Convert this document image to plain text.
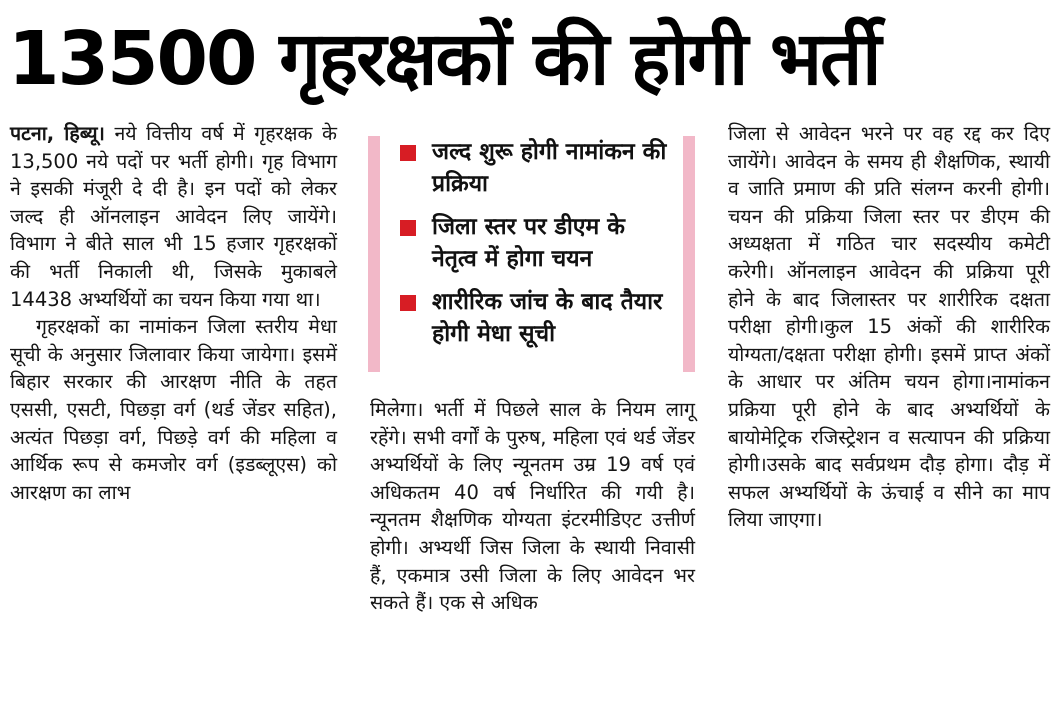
13500 गृहरक्षकों की होगी भर्ती

पटना, हिब्यू। नये वित्तीय वर्ष में गृहरक्षक के 13,500 नये पदों पर भर्ती होगी। गृह विभाग ने इसकी मंजूरी दे दी है। इन पदों को लेकर जल्द ही ऑनलाइन आवेदन लिए जायेंगे। विभाग ने बीते साल भी 15 हजार गृहरक्षकों की भर्ती निकाली थी, जिसके मुकाबले 14438 अभ्यर्थियों का चयन किया गया था।

गृहरक्षकों का नामांकन जिला स्तरीय मेधा सूची के अनुसार जिलावार किया जायेगा। इसमें बिहार सरकार की आरक्षण नीति के तहत एससी, एसटी, पिछड़ा वर्ग (थर्ड जेंडर सहित), अत्यंत पिछड़ा वर्ग, पिछड़े वर्ग की महिला व आर्थिक रूप से कमजोर वर्ग (इडब्लूएस) को आरक्षण का लाभ

जल्द शुरू होगी नामांकन की प्रक्रिया
जिला स्तर पर डीएम के नेतृत्व में होगा चयन
शारीरिक जांच के बाद तैयार होगी मेधा सूची

मिलेगा। भर्ती में पिछले साल के नियम लागू रहेंगे। सभी वर्गों के पुरुष, महिला एवं थर्ड जेंडर अभ्यर्थियों के लिए न्यूनतम उम्र 19 वर्ष एवं अधिकतम 40 वर्ष निर्धारित की गयी है। न्यूनतम शैक्षणिक योग्यता इंटरमीडिएट उत्तीर्ण होगी। अभ्यर्थी जिस जिला के स्थायी निवासी हैं, एकमात्र उसी जिला के लिए आवेदन भर सकते हैं। एक से अधिक

जिला से आवेदन भरने पर वह रद्द कर दिए जायेंगे। आवेदन के समय ही शैक्षणिक, स्थायी व जाति प्रमाण की प्रति संलग्न करनी होगी। चयन की प्रक्रिया जिला स्तर पर डीएम की अध्यक्षता में गठित चार सदस्यीय कमेटी करेगी। ऑनलाइन आवेदन की प्रक्रिया पूरी होने के बाद जिलास्तर पर शारीरिक दक्षता परीक्षा होगी।कुल 15 अंकों की शारीरिक योग्यता/दक्षता परीक्षा होगी। इसमें प्राप्त अंकों के आधार पर अंतिम चयन होगा।नामांकन प्रक्रिया पूरी होने के बाद अभ्यर्थियों के बायोमेट्रिक रजिस्ट्रेशन व सत्यापन की प्रक्रिया होगी।उसके बाद सर्वप्रथम दौड़ होगा। दौड़ में सफल अभ्यर्थियों के ऊंचाई व सीने का माप लिया जाएगा।
